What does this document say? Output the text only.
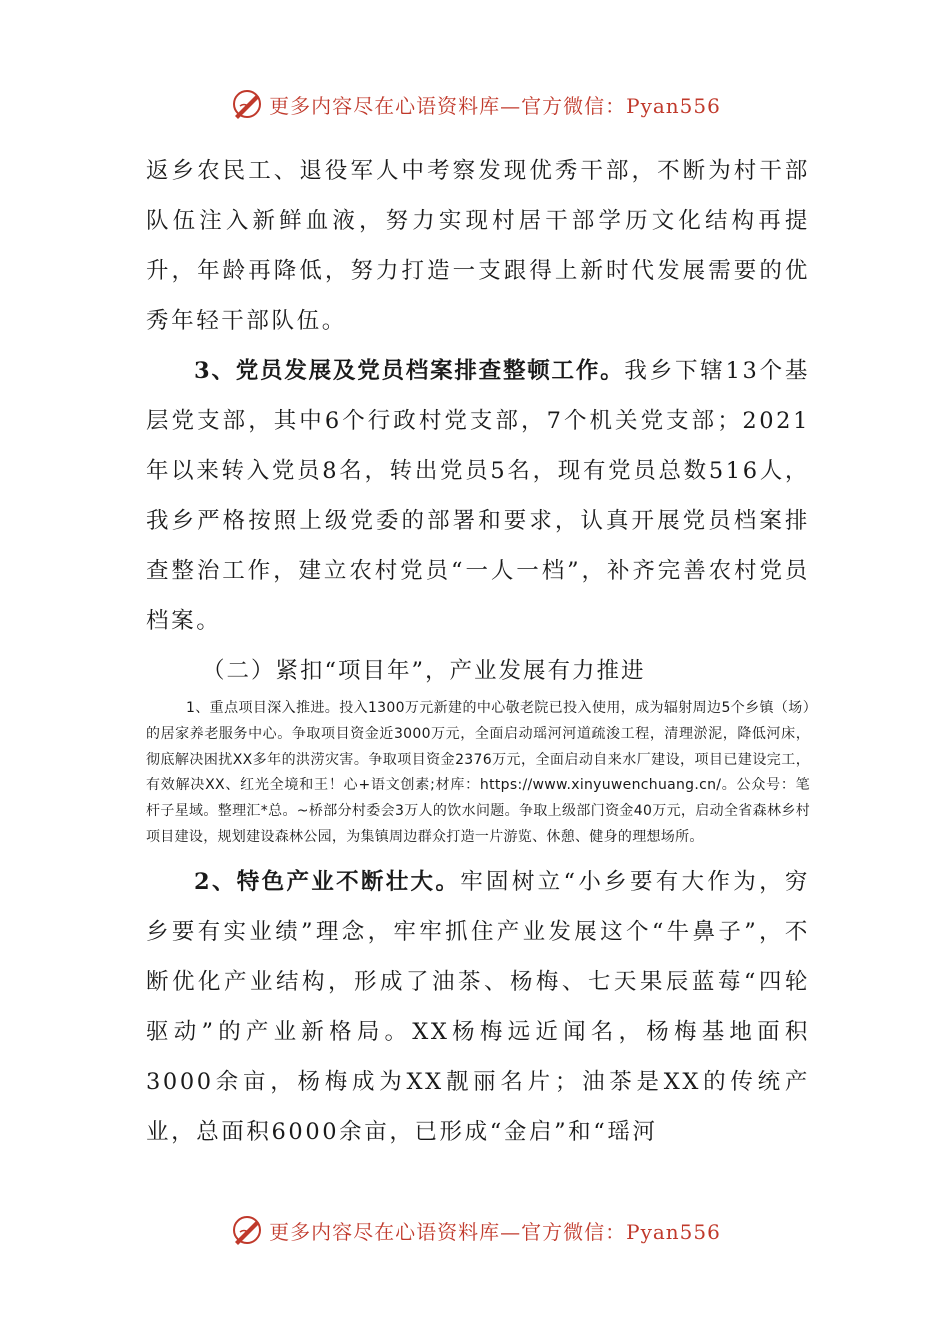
更多内容尽在心语资料库—官方微信：Pyan556

返乡农民工、退役军人中考察发现优秀干部，不断为村干部队伍注入新鲜血液，努力实现村居干部学历文化结构再提升，年龄再降低，努力打造一支跟得上新时代发展需要的优秀年轻干部队伍。

3、党员发展及党员档案排查整顿工作。我乡下辖13个基层党支部，其中6个行政村党支部，7个机关党支部；2021年以来转入党员8名，转出党员5名，现有党员总数516人，我乡严格按照上级党委的部署和要求，认真开展党员档案排查整治工作，建立农村党员“一人一档”，补齐完善农村党员档案。

（二）紧扣“项目年”，产业发展有力推进

1、重点项目深入推进。投入1300万元新建的中心敬老院已投入使用，成为辐射周边5个乡镇（场）的居家养老服务中心。争取项目资金近3000万元，全面启动瑶河河道疏浚工程，清理淤泥，降低河床，彻底解决困扰XX多年的洪涝灾害。争取项目资金2376万元，全面启动自来水厂建设，项目已建设完工，有效解决XX、红光全境和王！心+语文创素;材库：https://www.xinyuwenchuang.cn/。公众号：笔杆子星域。整理汇*总。~桥部分村委会3万人的饮水问题。争取上级部门资金40万元，启动全省森林乡村项目建设，规划建设森林公园，为集镇周边群众打造一片游览、休憩、健身的理想场所。

2、特色产业不断壮大。牢固树立“小乡要有大作为，穷乡要有实业绩”理念，牢牢抓住产业发展这个“牛鼻子”，不断优化产业结构，形成了油茶、杨梅、七天果辰蓝莓“四轮驱动”的产业新格局。XX杨梅远近闻名，杨梅基地面积3000余亩，杨梅成为XX靓丽名片；油茶是XX的传统产业，总面积6000余亩，已形成“金启”和“瑶河

更多内容尽在心语资料库—官方微信：Pyan556
